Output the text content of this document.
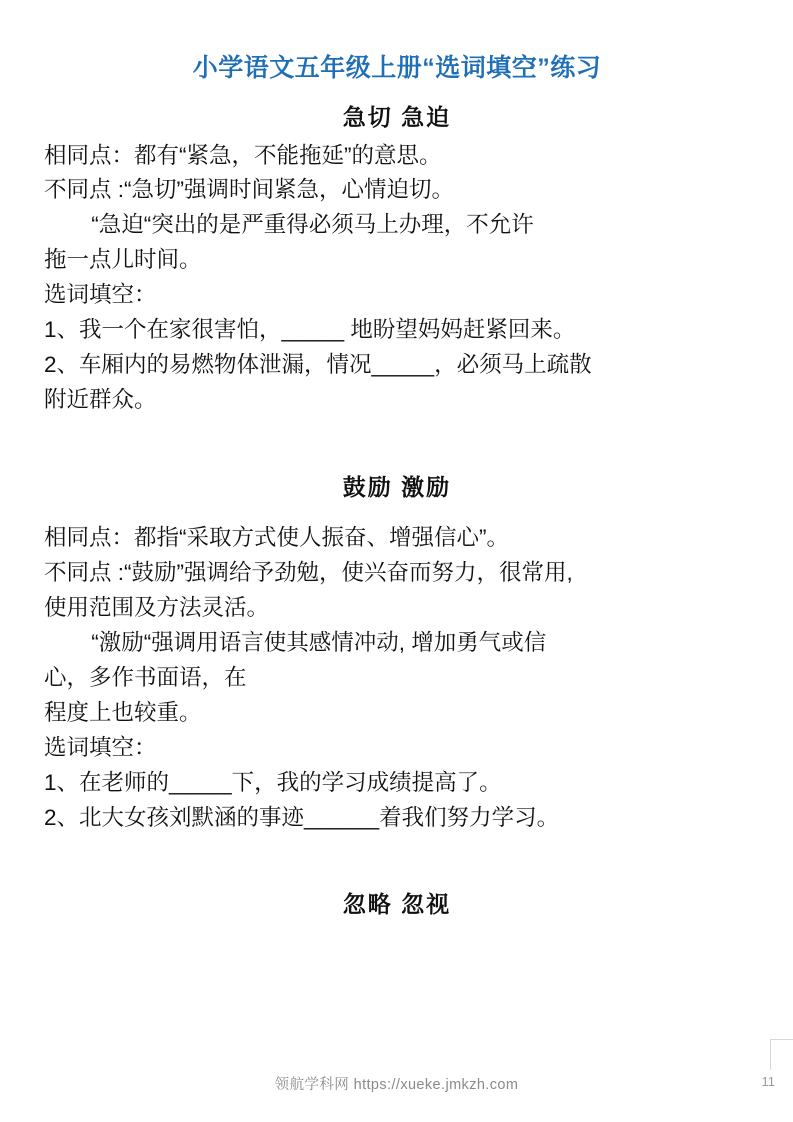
小学语文五年级上册“选词填空”练习
急切 急迫

相同点：都有“紧急，不能拖延”的意思。

不同点 :“急切”强调时间紧急，心情迫切。

“急迫“突出的是严重得必须马上办理，不允许

拖一点儿时间。

选词填空：

1、我一个在家很害怕，_____ 地盼望妈妈赶紧回来。

2、车厢内的易燃物体泄漏，情况_____，必须马上疏散

附近群众。

鼓励 激励

相同点：都指“采取方式使人振奋、增强信心”。

不同点 :“鼓励”强调给予劲勉，使兴奋而努力，很常用,

使用范围及方法灵活。

“激励“强调用语言使其感情冲动, 增加勇气或信

心，多作书面语，在

程度上也较重。

选词填空：

1、在老师的_____下，我的学习成绩提高了。

2、北大女孩刘默涵的事迹______着我们努力学习。

忽略 忽视
领航学科网 https://xueke.jmkzh.com	11
